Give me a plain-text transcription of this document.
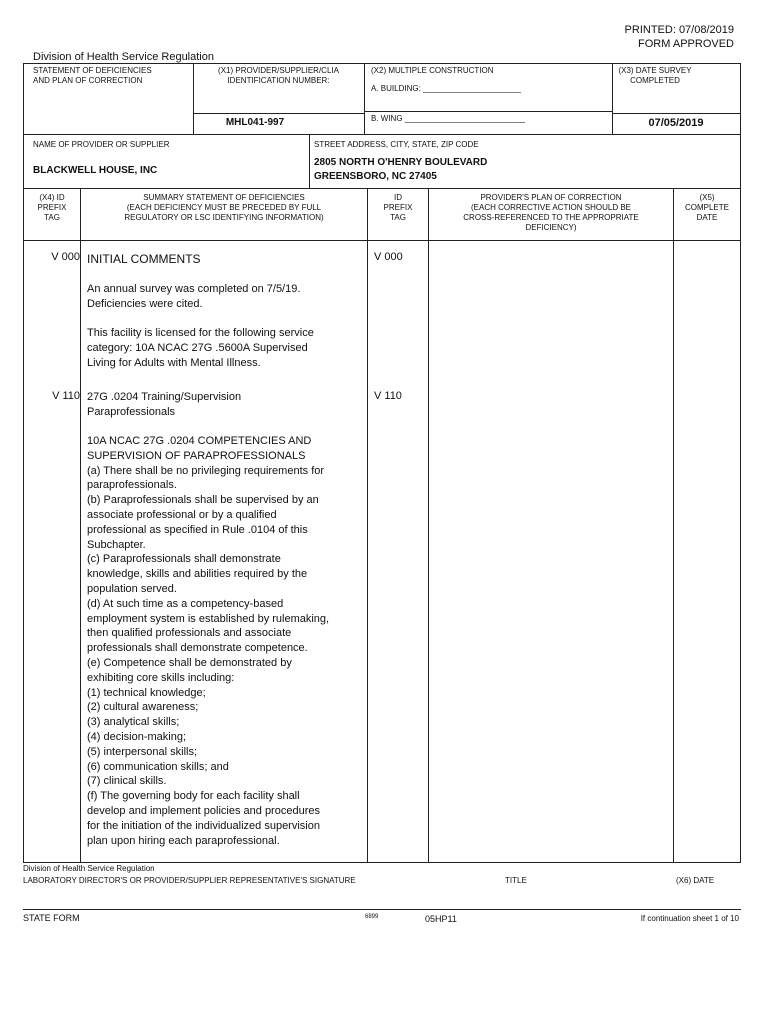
PRINTED: 07/08/2019
FORM APPROVED
Division of Health Service Regulation
STATEMENT OF DEFICIENCIES
AND PLAN OF CORRECTION
(X1) PROVIDER/SUPPLIER/CLIA
IDENTIFICATION NUMBER:
MHL041-997
(X2) MULTIPLE CONSTRUCTION
A. BUILDING: ______________________
B. WING ___________________________
(X3) DATE SURVEY
COMPLETED
07/05/2019
NAME OF PROVIDER OR SUPPLIER
BLACKWELL HOUSE, INC
STREET ADDRESS, CITY, STATE, ZIP CODE
2805 NORTH O'HENRY BOULEVARD
GREENSBORO, NC 27405
(X4) ID
PREFIX
TAG
SUMMARY STATEMENT OF DEFICIENCIES
(EACH DEFICIENCY MUST BE PRECEDED BY FULL
REGULATORY OR LSC IDENTIFYING INFORMATION)
ID
PREFIX
TAG
PROVIDER'S PLAN OF CORRECTION
(EACH CORRECTIVE ACTION SHOULD BE
CROSS-REFERENCED TO THE APPROPRIATE
DEFICIENCY)
(X5)
COMPLETE
DATE
V 000	V 000
INITIAL COMMENTS
An annual survey was completed on 7/5/19.
Deficiencies were cited.
This facility is licensed for the following service
category: 10A NCAC 27G .5600A Supervised
Living for Adults with Mental Illness.
V 110	V 110
27G .0204 Training/Supervision
Paraprofessionals
10A NCAC 27G .0204 COMPETENCIES AND
SUPERVISION OF PARAPROFESSIONALS
(a) There shall be no privileging requirements for
paraprofessionals.
(b) Paraprofessionals shall be supervised by an
associate professional or by a qualified
professional as specified in Rule .0104 of this
Subchapter.
(c) Paraprofessionals shall demonstrate
knowledge, skills and abilities required by the
population served.
(d) At such time as a competency-based
employment system is established by rulemaking,
then qualified professionals and associate
professionals shall demonstrate competence.
(e) Competence shall be demonstrated by
exhibiting core skills including:
(1) technical knowledge;
(2) cultural awareness;
(3) analytical skills;
(4) decision-making;
(5) interpersonal skills;
(6) communication skills; and
(7) clinical skills.
(f) The governing body for each facility shall
develop and implement policies and procedures
for the initiation of the individualized supervision
plan upon hiring each paraprofessional.
Division of Health Service Regulation
LABORATORY DIRECTOR'S OR PROVIDER/SUPPLIER REPRESENTATIVE'S SIGNATURE	TITLE	(X6) DATE
STATE FORM	6899	05HP11	If continuation sheet 1 of 10
